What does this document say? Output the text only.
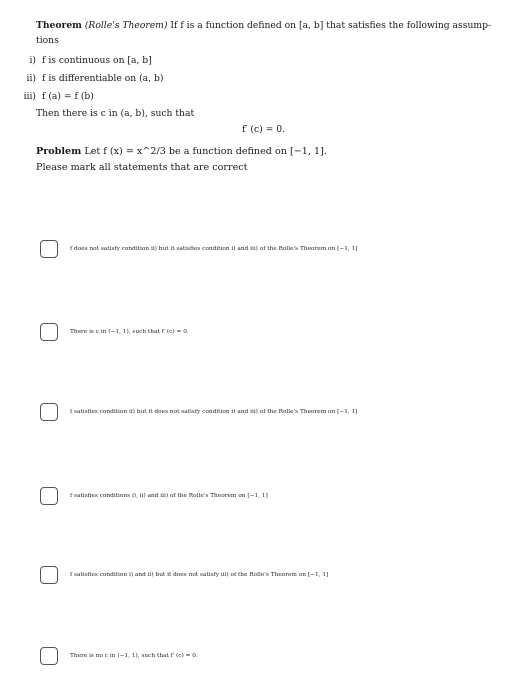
Theorem (Rolle's Theorem) If f is a function defined on [a, b] that satisfies the following assump-tions
i) f is continuous on [a, b]
ii) f is differentiable on (a, b)
iii) f (a) = f (b)
Then there is c in (a, b), such that
f′ (c) = 0.
Problem Let f (x) = x^2/3 be a function defined on [−1, 1].
Please mark all statements that are correct
f does not satisfy condition ii) but it satisfies condition i) and iii) of the Rolle's Theorem on [−1, 1]
There is c in (−1, 1), such that f′ (c) = 0.
f satisfies condition ii) but it does not satisfy condition i) and iii) of the Rolle's Theorem on [−1, 1]
f satisfies conditions i), ii) and iii) of the Rolle's Theorem on [−1, 1]
f satisfies condition i) and ii) but it does not satisfy iii) of the Rolle's Theorem on [−1, 1]
There is no c in (−1, 1), such that f′ (c) = 0.
